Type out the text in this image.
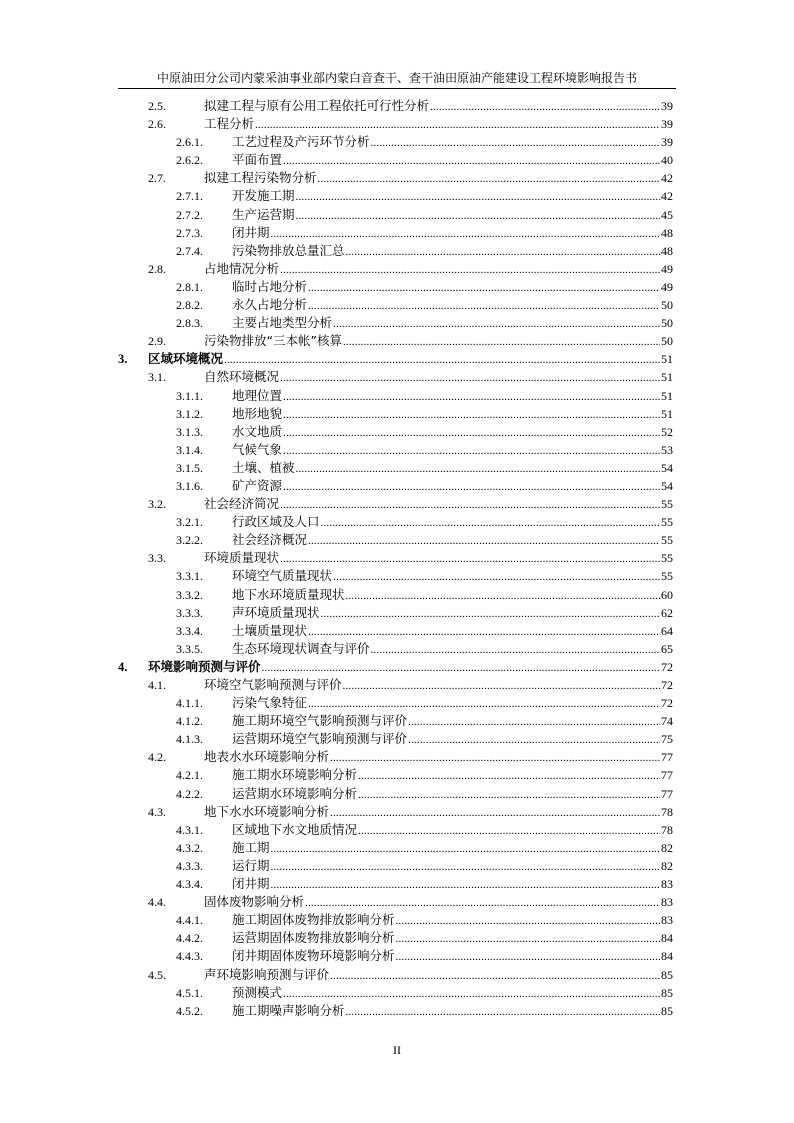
中原油田分公司内蒙采油事业部内蒙白音查干、查干油田原油产能建设工程环境影响报告书
2.5.	拟建工程与原有公用工程依托可行性分析 .....	39
2.6.	工程分析 .....	39
2.6.1. 工艺过程及产污环节分析 .....	39
2.6.2. 平面布置 .....	40
2.7.	拟建工程污染物分析 .....	42
2.7.1. 开发施工期 .....	42
2.7.2. 生产运营期 .....	45
2.7.3. 闭井期 .....	48
2.7.4. 污染物排放总量汇总 .....	48
2.8.	占地情况分析 .....	49
2.8.1. 临时占地分析 .....	49
2.8.2. 永久占地分析 .....	50
2.8.3. 主要占地类型分析 .....	50
2.9.	污染物排放“三本帐”核算 .....	50
3. 区域环境概况 .....	51
3.1.	自然环境概况 .....	51
3.1.1. 地理位置 .....	51
3.1.2. 地形地貌 .....	51
3.1.3. 水文地质 .....	52
3.1.4. 气候气象 .....	53
3.1.5. 土壤、植被 .....	54
3.1.6. 矿产资源 .....	54
3.2.	社会经济简况 .....	55
3.2.1. 行政区域及人口 .....	55
3.2.2. 社会经济概况 .....	55
3.3.	环境质量现状 .....	55
3.3.1. 环境空气质量现状 .....	55
3.3.2. 地下水环境质量现状 .....	60
3.3.3. 声环境质量现状 .....	62
3.3.4. 土壤质量现状 .....	64
3.3.5. 生态环境现状调查与评价 .....	65
4. 环境影响预测与评价 .....	72
4.1.	环境空气影响预测与评价 .....	72
4.1.1. 污染气象特征 .....	72
4.1.2. 施工期环境空气影响预测与评价 .....	74
4.1.3. 运营期环境空气影响预测与评价 .....	75
4.2.	地表水水环境影响分析 .....	77
4.2.1. 施工期水环境影响分析 .....	77
4.2.2. 运营期水环境影响分析 .....	77
4.3.	地下水水环境影响分析 .....	78
4.3.1. 区域地下水文地质情况 .....	78
4.3.2. 施工期 .....	82
4.3.3. 运行期 .....	82
4.3.4. 闭井期 .....	83
4.4.	固体废物影响分析 .....	83
4.4.1. 施工期固体废物排放影响分析 .....	83
4.4.2. 运营期固体废物排放影响分析 .....	84
4.4.3. 闭井期固体废物环境影响分析 .....	84
4.5.	声环境影响预测与评价 .....	85
4.5.1. 预测模式 .....	85
4.5.2. 施工期噪声影响分析 .....	85
II
